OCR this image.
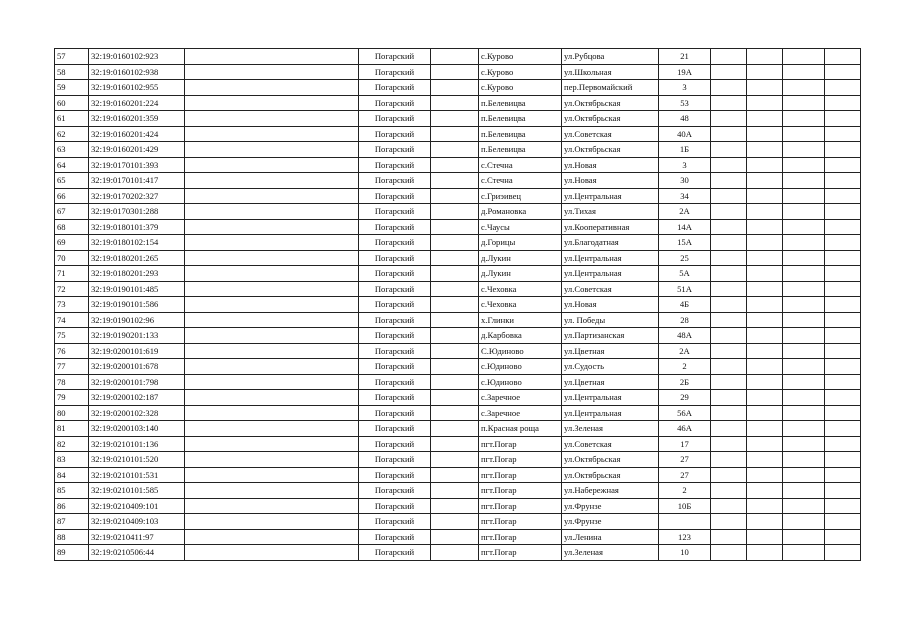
57	32:19:0160102:923		Погарский		с.Курово	ул.Рубцова	21				
58	32:19:0160102:938		Погарский		с.Курово	ул.Школьная	19А				
59	32:19:0160102:955		Погарский		с.Курово	пер.Первомайский	3				
60	32:19:0160201:224		Погарский		п.Белевицва	ул.Октябрьская	53				
61	32:19:0160201:359		Погарский		п.Белевицва	ул.Октябрьская	48				
62	32:19:0160201:424		Погарский		п.Белевицва	ул.Советская	40А				
63	32:19:0160201:429		Погарский		п.Белевицва	ул.Октябрьская	1Б				
64	32:19:0170101:393		Погарский		с.Стечна	ул.Новая	3				
65	32:19:0170101:417		Погарский		с.Стечна	ул.Новая	30				
66	32:19:0170202:327		Погарский		с.Гриэивец	ул.Центральная	34				
67	32:19:0170301:288		Погарский		д.Романовка	ул.Тихая	2А				
68	32:19:0180101:379		Погарский		с.Чаусы	ул.Кооперативная	14А				
69	32:19:0180102:154		Погарский		д.Горицы	ул.Благодатная	15А				
70	32:19:0180201:265		Погарский		д.Лукин	ул.Центральная	25				
71	32:19:0180201:293		Погарский		д.Лукин	ул.Центральная	5А				
72	32:19:0190101:485		Погарский		с.Чеховка	ул.Советская	51А				
73	32:19:0190101:586		Погарский		с.Чеховка	ул.Новая	4Б				
74	32:19:0190102:96		Погарский		х.Глинки	ул. Победы	28				
75	32:19:0190201:133		Погарский		д.Карбовка	ул.Партизанская	48А				
76	32:19:0200101:619		Погарский		С.Юдиново	ул.Цветная	2А				
77	32:19:0200101:678		Погарский		с.Юдиново	ул.Судость	2				
78	32:19:0200101:798		Погарский		с.Юдиново	ул.Цветная	2Б				
79	32:19:0200102:187		Погарский		с.Заречное	ул.Центральная	29				
80	32:19:0200102:328		Погарский		с.Заречное	ул.Центральная	56А				
81	32:19:0200103:140		Погарский		п.Красная роща	ул.Зеленая	46А				
82	32:19:0210101:136		Погарский		пгт.Погар	ул.Советская	17				
83	32:19:0210101:520		Погарский		пгт.Погар	ул.Октябрьская	27				
84	32:19:0210101:531		Погарский		пгт.Погар	ул.Октябрьская	27				
85	32:19:0210101:585		Погарский		пгт.Погар	ул.Набережная	2				
86	32:19:0210409:101		Погарский		пгт.Погар	ул.Фрунзе	10Б				
87	32:19:0210409:103		Погарский		пгт.Погар	ул.Фрунзе					
88	32:19:0210411:97		Погарский		пгт.Погар	ул.Ленина	123				
89	32:19:0210506:44		Погарский		пгт.Погар	ул.Зеленая	10				
